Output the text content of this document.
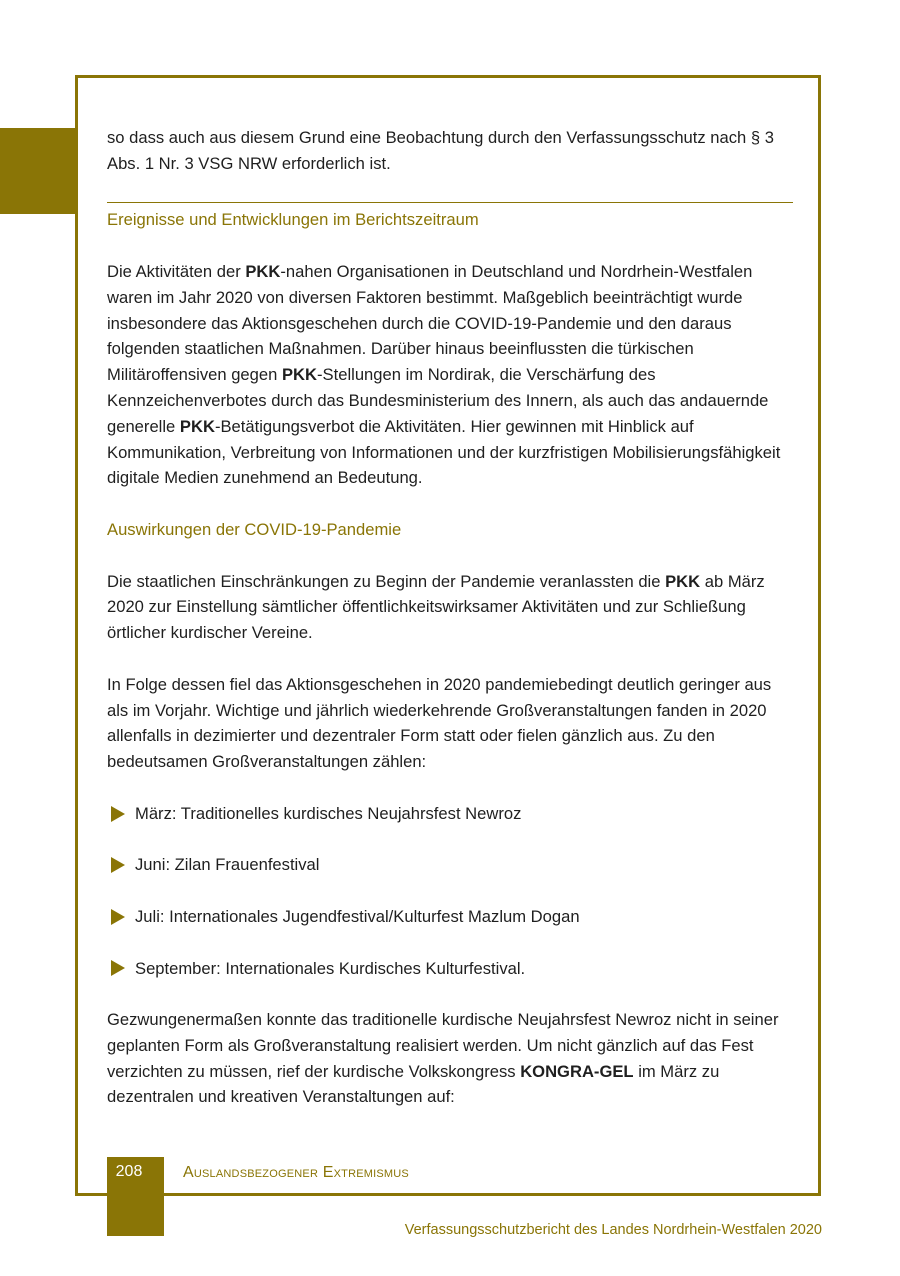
so dass auch aus diesem Grund eine Beobachtung durch den Verfassungsschutz nach § 3 Abs. 1 Nr. 3 VSG NRW erforderlich ist.

Ereignisse und Entwicklungen im Berichtszeitraum

Die Aktivitäten der PKK-nahen Organisationen in Deutschland und Nordrhein-Westfalen waren im Jahr 2020 von diversen Faktoren bestimmt. Maßgeblich beeinträchtigt wurde insbesondere das Aktionsgeschehen durch die COVID-19-Pandemie und den daraus folgenden staatlichen Maßnahmen. Darüber hinaus beeinflussten die türkischen Militäroffensiven gegen PKK-Stellungen im Nordirak, die Verschärfung des Kennzeichenverbotes durch das Bundesministerium des Innern, als auch das andauernde generelle PKK-Betätigungsverbot die Aktivitäten. Hier gewinnen mit Hinblick auf Kommunikation, Verbreitung von Informationen und der kurzfristigen Mobilisierungsfähigkeit digitale Medien zunehmend an Bedeutung.

Auswirkungen der COVID-19-Pandemie

Die staatlichen Einschränkungen zu Beginn der Pandemie veranlassten die PKK ab März 2020 zur Einstellung sämtlicher öffentlichkeitswirksamer Aktivitäten und zur Schließung örtlicher kurdischer Vereine.

In Folge dessen fiel das Aktionsgeschehen in 2020 pandemiebedingt deutlich geringer aus als im Vorjahr. Wichtige und jährlich wiederkehrende Großveranstaltungen fanden in 2020 allenfalls in dezimierter und dezentraler Form statt oder fielen gänzlich aus. Zu den bedeutsamen Großveranstaltungen zählen:

März: Traditionelles kurdisches Neujahrsfest Newroz
Juni: Zilan Frauenfestival
Juli: Internationales Jugendfestival/Kulturfest Mazlum Dogan
September: Internationales Kurdisches Kulturfestival.

Gezwungenermaßen konnte das traditionelle kurdische Neujahrsfest Newroz nicht in seiner geplanten Form als Großveranstaltung realisiert werden. Um nicht gänzlich auf das Fest verzichten zu müssen, rief der kurdische Volkskongress KONGRA-GEL im März zu dezentralen und kreativen Veranstaltungen auf:

208	Auslandsbezogener Extremismus
Verfassungsschutzbericht des Landes Nordrhein-Westfalen 2020
